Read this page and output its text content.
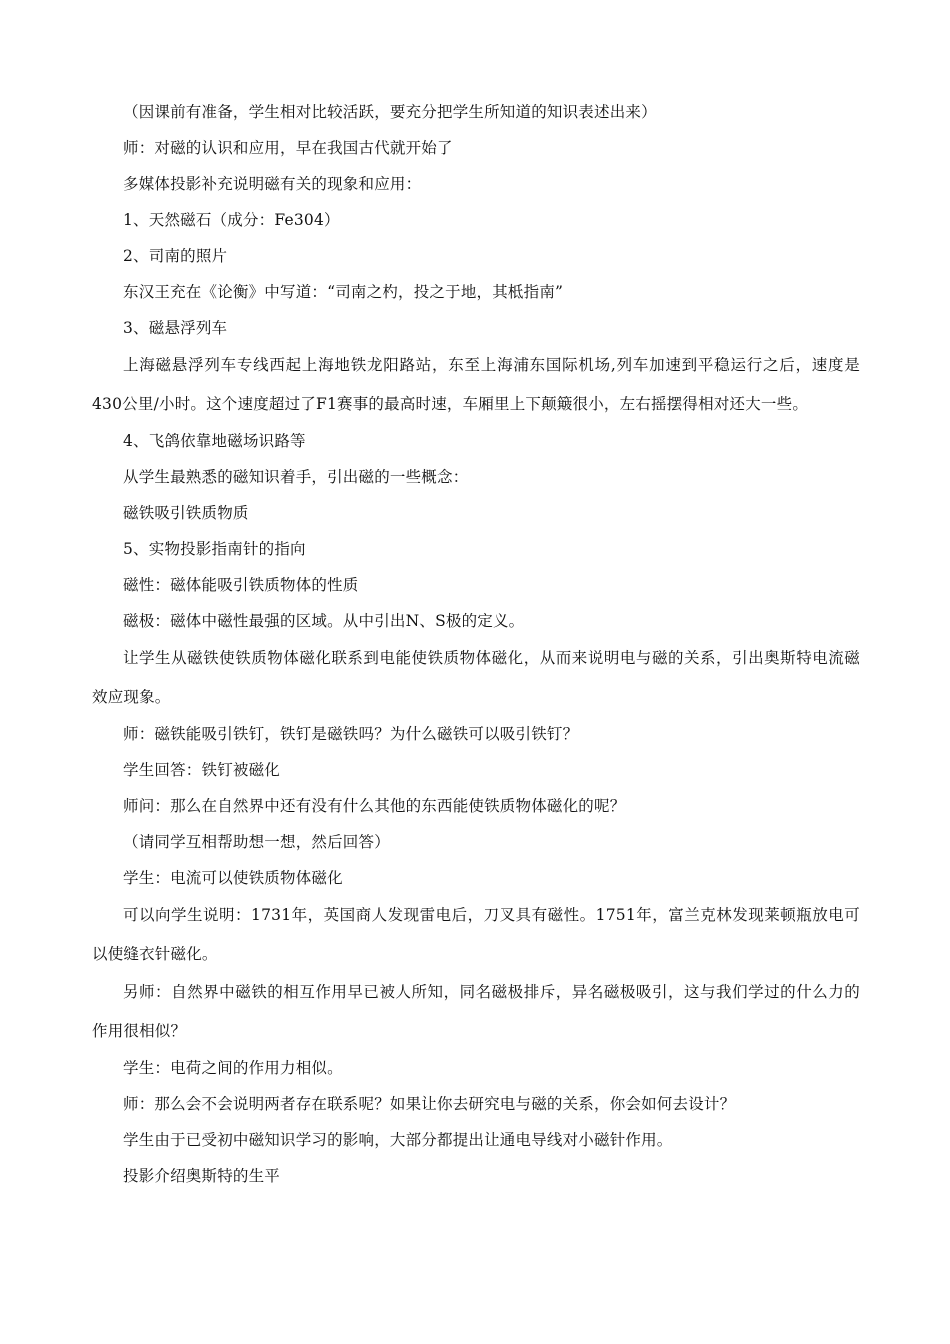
（因课前有准备，学生相对比较活跃，要充分把学生所知道的知识表述出来）

师：对磁的认识和应用，早在我国古代就开始了

多媒体投影补充说明磁有关的现象和应用：

1、天然磁石（成分：Fe304）

2、司南的照片

东汉王充在《论衡》中写道：“司南之杓，投之于地，其柢指南”

3、磁悬浮列车

上海磁悬浮列车专线西起上海地铁龙阳路站，东至上海浦东国际机场,列车加速到平稳运行之后，速度是430公里/小时。这个速度超过了F1赛事的最高时速，车厢里上下颠簸很小，左右摇摆得相对还大一些。

4、飞鸽依靠地磁场识路等

从学生最熟悉的磁知识着手，引出磁的一些概念：

磁铁吸引铁质物质

5、实物投影指南针的指向

磁性：磁体能吸引铁质物体的性质

磁极：磁体中磁性最强的区域。从中引出N、S极的定义。

让学生从磁铁使铁质物体磁化联系到电能使铁质物体磁化，从而来说明电与磁的关系，引出奥斯特电流磁效应现象。

师：磁铁能吸引铁钉，铁钉是磁铁吗？为什么磁铁可以吸引铁钉？

学生回答：铁钉被磁化

师问：那么在自然界中还有没有什么其他的东西能使铁质物体磁化的呢？

（请同学互相帮助想一想，然后回答）

学生：电流可以使铁质物体磁化

可以向学生说明：1731年，英国商人发现雷电后，刀叉具有磁性。1751年，富兰克林发现莱顿瓶放电可以使缝衣针磁化。

另师：自然界中磁铁的相互作用早已被人所知，同名磁极排斥，异名磁极吸引，这与我们学过的什么力的作用很相似？

学生：电荷之间的作用力相似。

师：那么会不会说明两者存在联系呢？如果让你去研究电与磁的关系，你会如何去设计？

学生由于已受初中磁知识学习的影响，大部分都提出让通电导线对小磁针作用。

投影介绍奥斯特的生平
